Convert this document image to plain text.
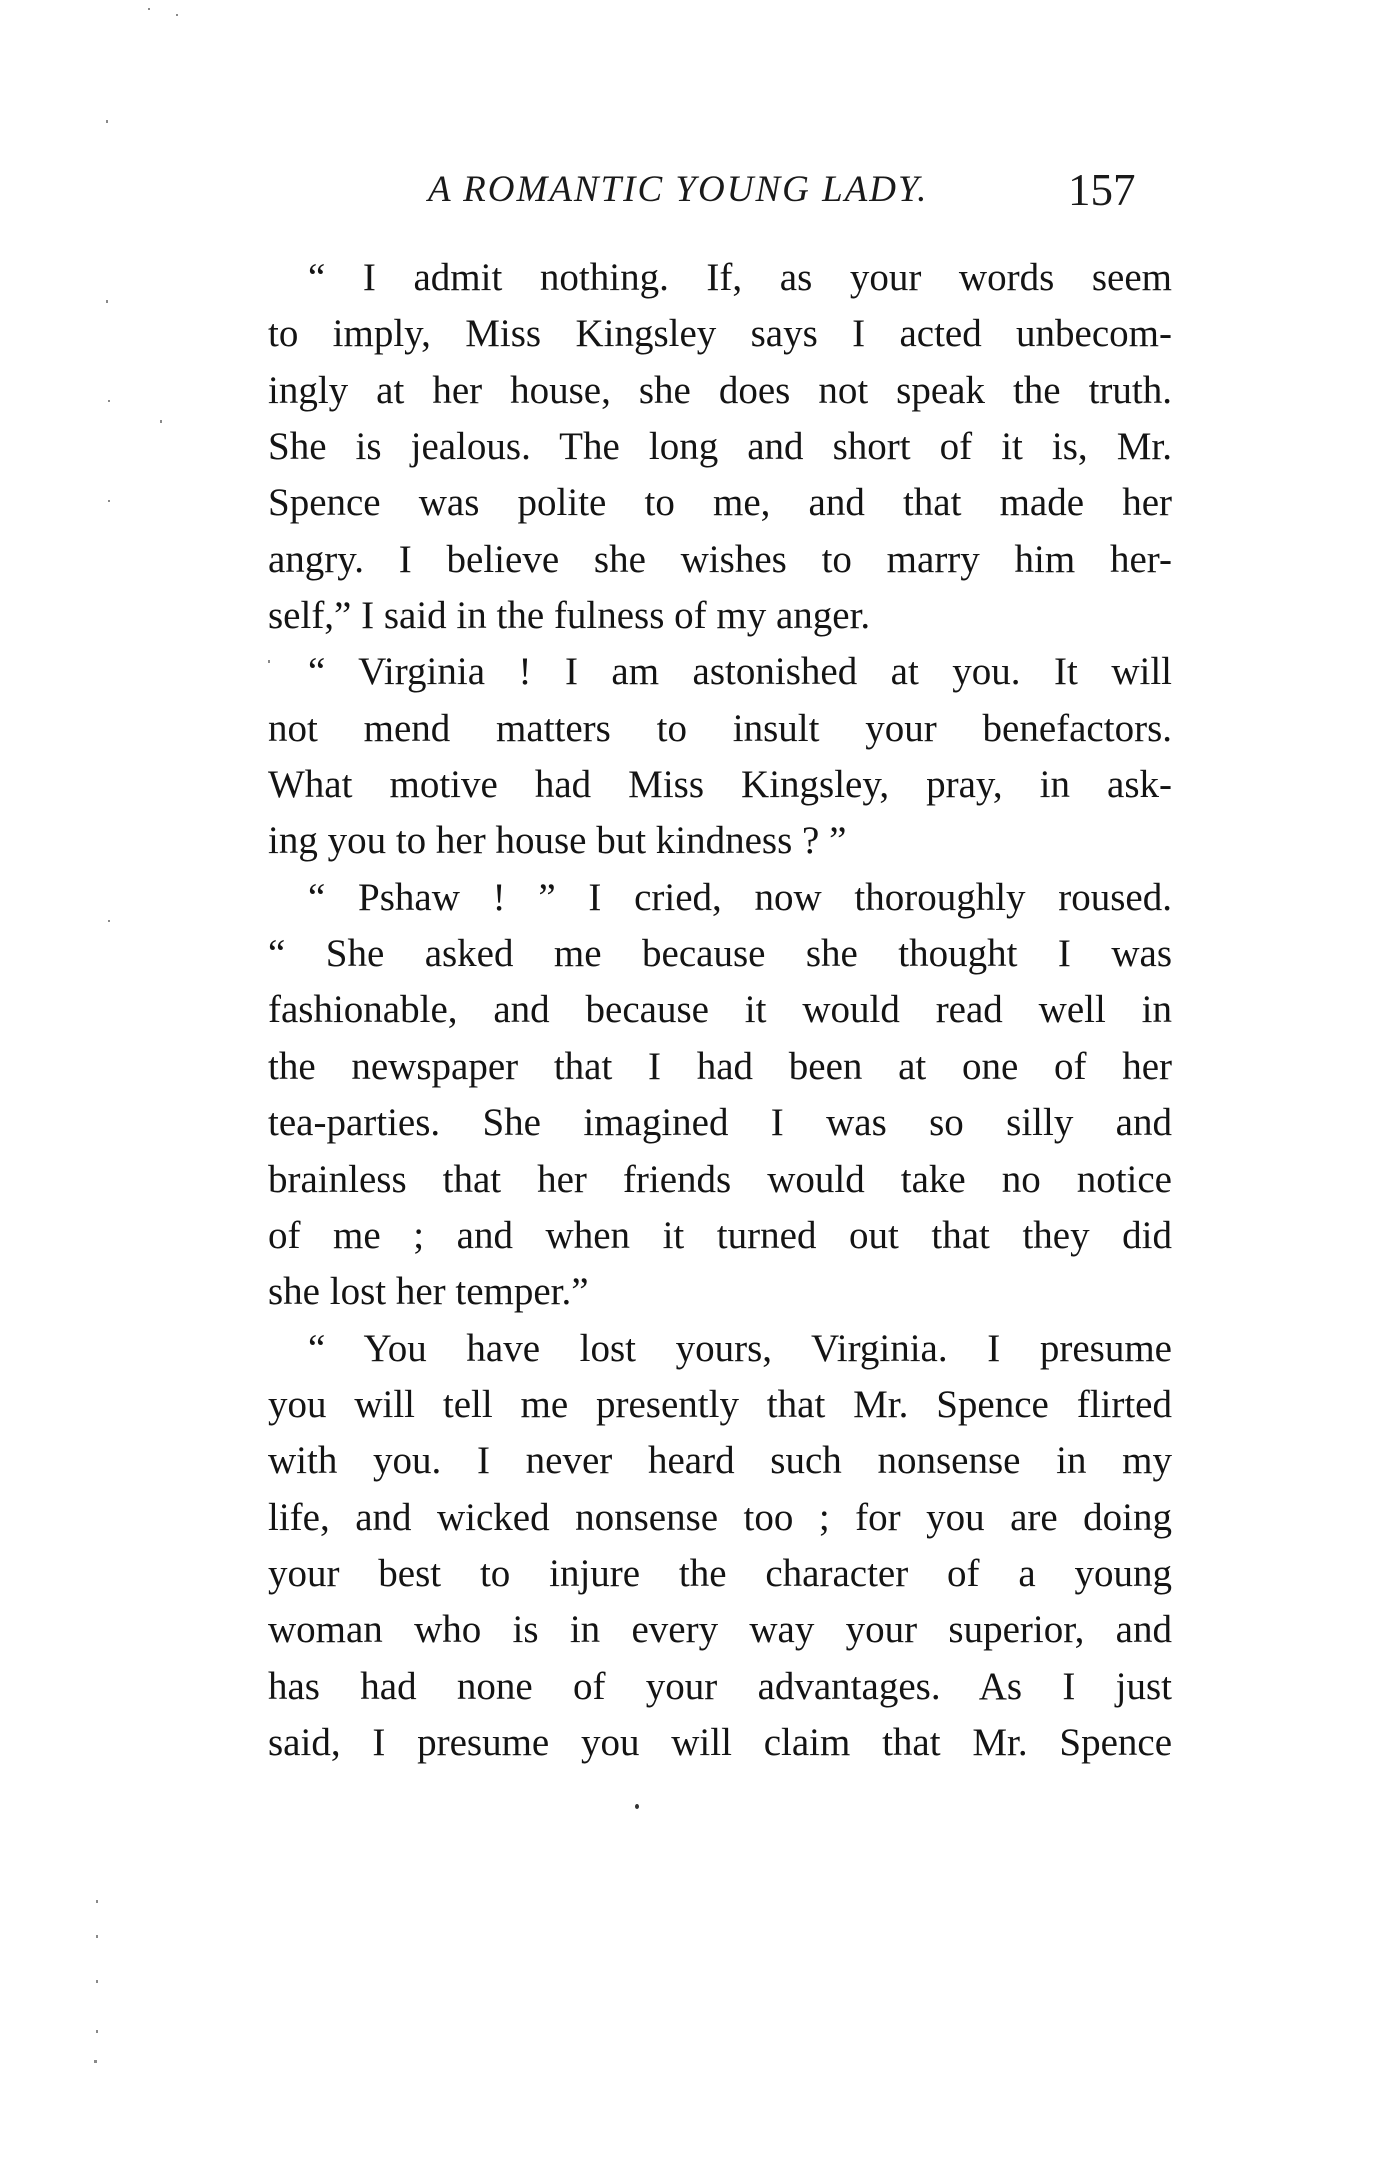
A ROMANTIC YOUNG LADY.	157
“ I admit nothing. If, as your words seem
to imply, Miss Kingsley says I acted unbecom-
ingly at her house, she does not speak the truth.
She is jealous. The long and short of it is, Mr.
Spence was polite to me, and that made her
angry. I believe she wishes to marry him her-
self,” I said in the fulness of my anger.
“ Virginia ! I am astonished at you. It will
not mend matters to insult your benefactors.
What motive had Miss Kingsley, pray, in ask-
ing you to her house but kindness ? ”
“ Pshaw ! ” I cried, now thoroughly roused.
“ She asked me because she thought I was
fashionable, and because it would read well in
the newspaper that I had been at one of her
tea-parties. She imagined I was so silly and
brainless that her friends would take no notice
of me ; and when it turned out that they did
she lost her temper.”
“ You have lost yours, Virginia. I presume
you will tell me presently that Mr. Spence flirted
with you. I never heard such nonsense in my
life, and wicked nonsense too ; for you are doing
your best to injure the character of a young
woman who is in every way your superior, and
has had none of your advantages. As I just
said, I presume you will claim that Mr. Spence
